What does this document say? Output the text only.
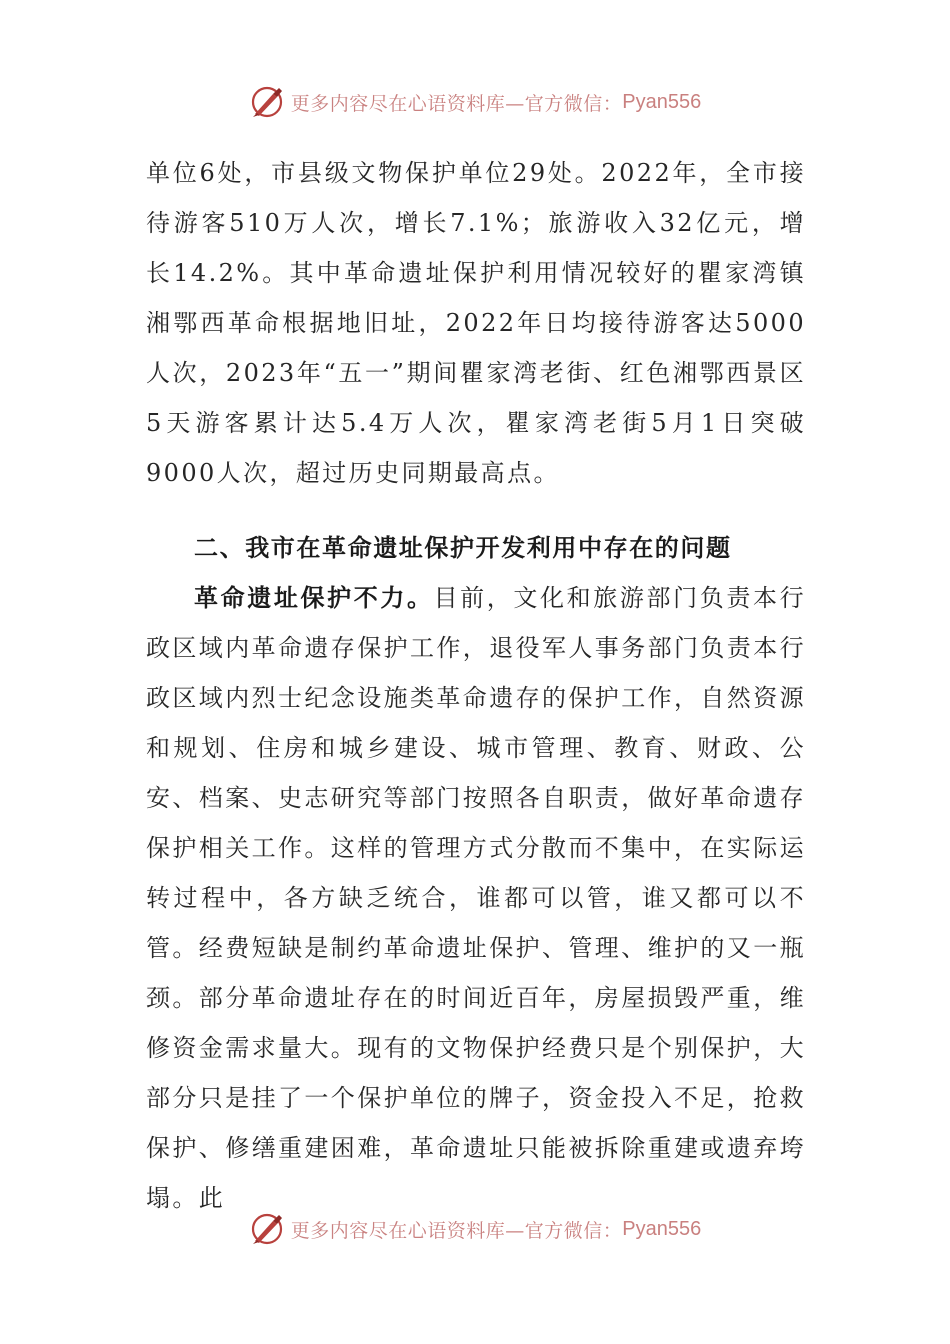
更多内容尽在心语资料库—官方微信： Pyan556

单位6处，市县级文物保护单位29处。2022年，全市接待游客510万人次，增长7.1%；旅游收入32亿元，增长14.2%。其中革命遗址保护利用情况较好的瞿家湾镇湘鄂西革命根据地旧址，2022年日均接待游客达5000人次，2023年“五一”期间瞿家湾老街、红色湘鄂西景区5天游客累计达5.4万人次，瞿家湾老街5月1日突破9000人次，超过历史同期最高点。

二、我市在革命遗址保护开发利用中存在的问题

革命遗址保护不力。目前，文化和旅游部门负责本行政区域内革命遗存保护工作，退役军人事务部门负责本行政区域内烈士纪念设施类革命遗存的保护工作，自然资源和规划、住房和城乡建设、城市管理、教育、财政、公安、档案、史志研究等部门按照各自职责，做好革命遗存保护相关工作。这样的管理方式分散而不集中，在实际运转过程中，各方缺乏统合，谁都可以管，谁又都可以不管。经费短缺是制约革命遗址保护、管理、维护的又一瓶颈。部分革命遗址存在的时间近百年，房屋损毁严重，维修资金需求量大。现有的文物保护经费只是个别保护，大部分只是挂了一个保护单位的牌子，资金投入不足，抢救保护、修缮重建困难，革命遗址只能被拆除重建或遗弃垮塌。此

更多内容尽在心语资料库—官方微信： Pyan556
